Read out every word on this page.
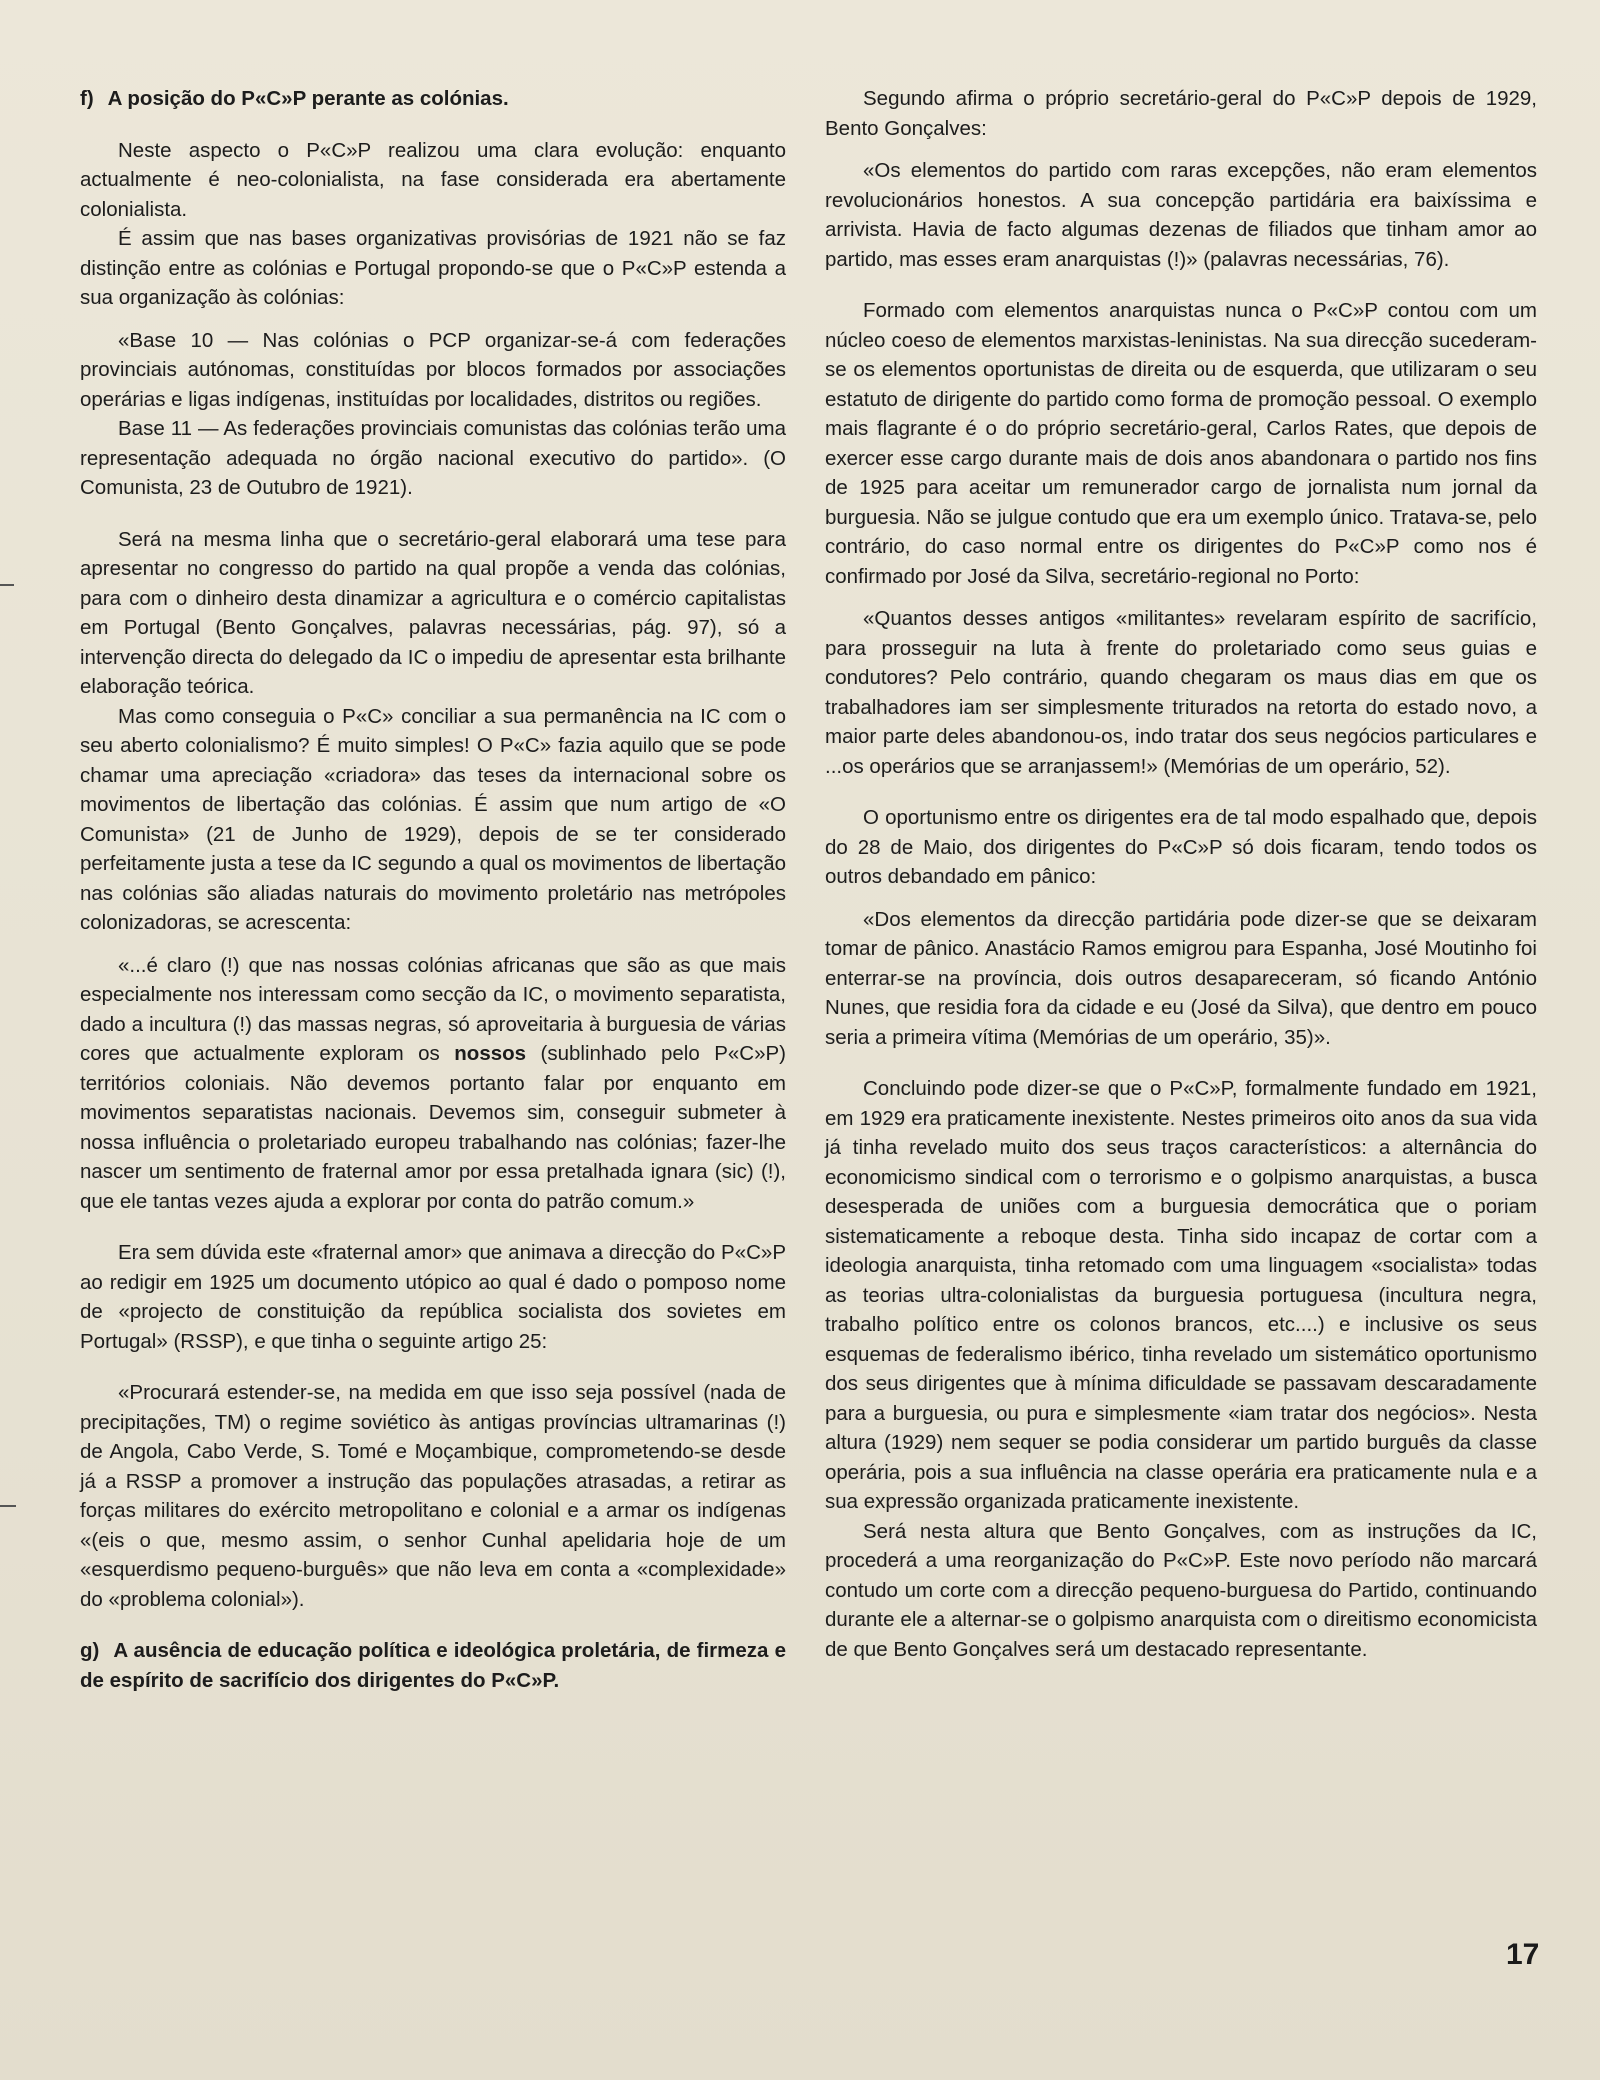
f) A posição do P«C»P perante as colónias.

Neste aspecto o P«C»P realizou uma clara evolução: enquanto actualmente é neo-colonialista, na fase considerada era abertamente colonialista.

É assim que nas bases organizativas provisórias de 1921 não se faz distinção entre as colónias e Portugal propondo-se que o P«C»P estenda a sua organização às colónias:

«Base 10 — Nas colónias o PCP organizar-se-á com federações provinciais autónomas, constituídas por blocos formados por associações operárias e ligas indígenas, instituídas por localidades, distritos ou regiões.

Base 11 — As federações provinciais comunistas das colónias terão uma representação adequada no órgão nacional executivo do partido». (O Comunista, 23 de Outubro de 1921).

Será na mesma linha que o secretário-geral elaborará uma tese para apresentar no congresso do partido na qual propõe a venda das colónias, para com o dinheiro desta dinamizar a agricultura e o comércio capitalistas em Portugal (Bento Gonçalves, palavras necessárias, pág. 97), só a intervenção directa do delegado da IC o impediu de apresentar esta brilhante elaboração teórica.

Mas como conseguia o P«C» conciliar a sua permanência na IC com o seu aberto colonialismo? É muito simples! O P«C» fazia aquilo que se pode chamar uma apreciação «criadora» das teses da internacional sobre os movimentos de libertação das colónias. É assim que num artigo de «O Comunista» (21 de Junho de 1929), depois de se ter considerado perfeitamente justa a tese da IC segundo a qual os movimentos de libertação nas colónias são aliadas naturais do movimento proletário nas metrópoles colonizadoras, se acrescenta:

«...é claro (!) que nas nossas colónias africanas que são as que mais especialmente nos interessam como secção da IC, o movimento separatista, dado a incultura (!) das massas negras, só aproveitaria à burguesia de várias cores que actualmente exploram os nossos (sublinhado pelo P«C»P) territórios coloniais. Não devemos portanto falar por enquanto em movimentos separatistas nacionais. Devemos sim, conseguir submeter à nossa influência o proletariado europeu trabalhando nas colónias; fazer-lhe nascer um sentimento de fraternal amor por essa pretalhada ignara (sic) (!), que ele tantas vezes ajuda a explorar por conta do patrão comum.»

Era sem dúvida este «fraternal amor» que animava a direcção do P«C»P ao redigir em 1925 um documento utópico ao qual é dado o pomposo nome de «projecto de constituição da república socialista dos sovietes em Portugal» (RSSP), e que tinha o seguinte artigo 25:

«Procurará estender-se, na medida em que isso seja possível (nada de precipitações, TM) o regime soviético às antigas províncias ultramarinas (!) de Angola, Cabo Verde, S. Tomé e Moçambique, comprometendo-se desde já a RSSP a promover a instrução das populações atrasadas, a retirar as forças militares do exército metropolitano e colonial e a armar os indígenas «(eis o que, mesmo assim, o senhor Cunhal apelidaria hoje de um «esquerdismo pequeno-burguês» que não leva em conta a «complexidade» do «problema colonial»).

g) A ausência de educação política e ideológica proletária, de firmeza e de espírito de sacrifício dos dirigentes do P«C»P.

Segundo afirma o próprio secretário-geral do P«C»P depois de 1929, Bento Gonçalves:

«Os elementos do partido com raras excepções, não eram elementos revolucionários honestos. A sua concepção partidária era baixíssima e arrivista. Havia de facto algumas dezenas de filiados que tinham amor ao partido, mas esses eram anarquistas (!)» (palavras necessárias, 76).

Formado com elementos anarquistas nunca o P«C»P contou com um núcleo coeso de elementos marxistas-leninistas. Na sua direcção sucederam-se os elementos oportunistas de direita ou de esquerda, que utilizaram o seu estatuto de dirigente do partido como forma de promoção pessoal. O exemplo mais flagrante é o do próprio secretário-geral, Carlos Rates, que depois de exercer esse cargo durante mais de dois anos abandonara o partido nos fins de 1925 para aceitar um remunerador cargo de jornalista num jornal da burguesia. Não se julgue contudo que era um exemplo único. Tratava-se, pelo contrário, do caso normal entre os dirigentes do P«C»P como nos é confirmado por José da Silva, secretário-regional no Porto:

«Quantos desses antigos «militantes» revelaram espírito de sacrifício, para prosseguir na luta à frente do proletariado como seus guias e condutores? Pelo contrário, quando chegaram os maus dias em que os trabalhadores iam ser simplesmente triturados na retorta do estado novo, a maior parte deles abandonou-os, indo tratar dos seus negócios particulares e ...os operários que se arranjassem!» (Memórias de um operário, 52).

O oportunismo entre os dirigentes era de tal modo espalhado que, depois do 28 de Maio, dos dirigentes do P«C»P só dois ficaram, tendo todos os outros debandado em pânico:

«Dos elementos da direcção partidária pode dizer-se que se deixaram tomar de pânico. Anastácio Ramos emigrou para Espanha, José Moutinho foi enterrar-se na província, dois outros desapareceram, só ficando António Nunes, que residia fora da cidade e eu (José da Silva), que dentro em pouco seria a primeira vítima (Memórias de um operário, 35)».

Concluindo pode dizer-se que o P«C»P, formalmente fundado em 1921, em 1929 era praticamente inexistente. Nestes primeiros oito anos da sua vida já tinha revelado muito dos seus traços característicos: a alternância do economicismo sindical com o terrorismo e o golpismo anarquistas, a busca desesperada de uniões com a burguesia democrática que o poriam sistematicamente a reboque desta. Tinha sido incapaz de cortar com a ideologia anarquista, tinha retomado com uma linguagem «socialista» todas as teorias ultra-colonialistas da burguesia portuguesa (incultura negra, trabalho político entre os colonos brancos, etc....) e inclusive os seus esquemas de federalismo ibérico, tinha revelado um sistemático oportunismo dos seus dirigentes que à mínima dificuldade se passavam descaradamente para a burguesia, ou pura e simplesmente «iam tratar dos negócios». Nesta altura (1929) nem sequer se podia considerar um partido burguês da classe operária, pois a sua influência na classe operária era praticamente nula e a sua expressão organizada praticamente inexistente.

Será nesta altura que Bento Gonçalves, com as instruções da IC, procederá a uma reorganização do P«C»P. Este novo período não marcará contudo um corte com a direcção pequeno-burguesa do Partido, continuando durante ele a alternar-se o golpismo anarquista com o direitismo economicista de que Bento Gonçalves será um destacado representante.

17
